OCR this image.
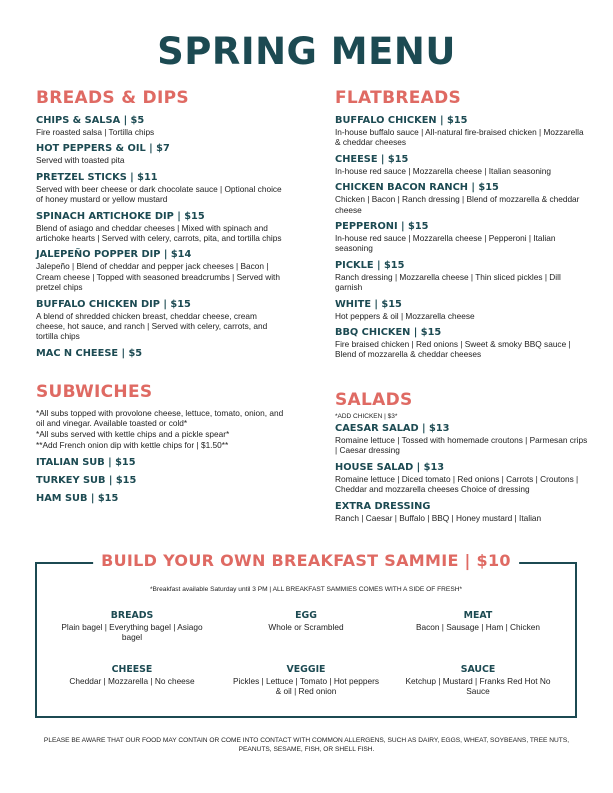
SPRING MENU
BREADS & DIPS
CHIPS & SALSA | $5
Fire roasted salsa | Tortilla chips
HOT PEPPERS & OIL | $7
Served with toasted pita
PRETZEL STICKS | $11
Served with beer cheese or dark chocolate sauce | Optional choice of honey mustard or yellow mustard
SPINACH ARTICHOKE DIP | $15
Blend of asiago and cheddar cheeses | Mixed with spinach and artichoke hearts | Served with celery, carrots, pita, and tortilla chips
JALEPEÑO POPPER DIP | $14
Jalepeño | Blend of cheddar and pepper jack cheeses | Bacon | Cream cheese | Topped with seasoned breadcrumbs | Served with pretzel chips
BUFFALO CHICKEN DIP | $15
A blend of shredded chicken breast, cheddar cheese, cream cheese, hot sauce, and ranch | Served with celery, carrots, and tortilla chips
MAC N CHEESE | $5
SUBWICHES
*All subs topped with provolone cheese, lettuce, tomato, onion, and oil and vinegar. Available toasted or cold*
*All subs served with kettle chips and a pickle spear*
**Add French onion dip with kettle chips for | $1.50**
ITALIAN SUB | $15
TURKEY SUB | $15
HAM SUB | $15
FLATBREADS
BUFFALO CHICKEN | $15
In-house buffalo sauce | All-natural fire-braised chicken | Mozzarella & cheddar cheeses
CHEESE | $15
In-house red sauce | Mozzarella cheese | Italian seasoning
CHICKEN BACON RANCH | $15
Chicken | Bacon | Ranch dressing | Blend of mozzarella & cheddar cheese
PEPPERONI | $15
In-house red sauce | Mozzarella cheese | Pepperoni | Italian seasoning
PICKLE | $15
Ranch dressing | Mozzarella cheese | Thin sliced pickles | Dill garnish
WHITE | $15
Hot peppers & oil | Mozzarella cheese
BBQ CHICKEN | $15
Fire braised chicken | Red onions | Sweet & smoky BBQ sauce | Blend of mozzarella & cheddar cheeses
SALADS
*ADD CHICKEN | $3*
CAESAR SALAD | $13
Romaine lettuce | Tossed with homemade croutons | Parmesan crips | Caesar dressing
HOUSE SALAD | $13
Romaine lettuce | Diced tomato | Red onions | Carrots | Croutons | Cheddar and mozzarella cheeses Choice of dressing
EXTRA DRESSING
Ranch | Caesar | Buffalo | BBQ | Honey mustard | Italian
BUILD YOUR OWN BREAKFAST SAMMIE | $10
*Breakfast available Saturday until 3 PM | ALL BREAKFAST SAMMIES COMES WITH A SIDE OF FRESH*
BREADS
Plain bagel | Everything bagel | Asiago bagel
EGG
Whole or Scrambled
MEAT
Bacon | Sausage | Ham | Chicken
CHEESE
Cheddar | Mozzarella | No cheese
VEGGIE
Pickles | Lettuce | Tomato | Hot peppers & oil | Red onion
SAUCE
Ketchup | Mustard | Franks Red Hot No Sauce
PLEASE BE AWARE THAT OUR FOOD MAY CONTAIN OR COME INTO CONTACT WITH COMMON ALLERGENS, SUCH AS DAIRY, EGGS, WHEAT, SOYBEANS, TREE NUTS, PEANUTS, SESAME, FISH, OR SHELL FISH.
